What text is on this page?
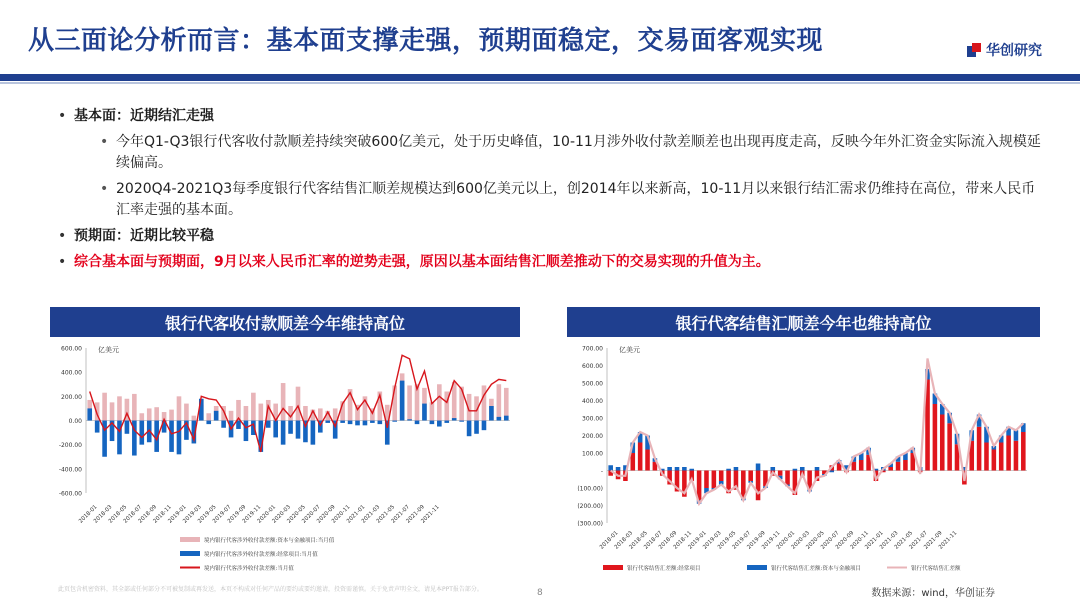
从三面论分析而言：基本面支撑走强，预期面稳定，交易面客观实现	华创研究
• 基本面：近期结汇走强
• 今年Q1-Q3银行代客收付款顺差持续突破600亿美元，处于历史峰值，10-11月涉外收付款差顺差也出现再度走高，反映今年外汇资金实际流入规模延续偏高。
• 2020Q4-2021Q3每季度银行代客结售汇顺差规模达到600亿美元以上，创2014年以来新高，10-11月以来银行结汇需求仍维持在高位，带来人民币汇率走强的基本面。
• 预期面：近期比较平稳
• 综合基本面与预期面，9月以来人民币汇率的逆势走强，原因以基本面结售汇顺差推动下的交易实现的升值为主。
银行代客收付款顺差今年维持高位	银行代客结售汇顺差今年也维持高位
600.00
400.00
200.00
0.00
-200.00
-400.00
-600.00
亿美元
2018-01
2018-03
2018-05
2018-07
2018-09
2018-11
2019-01
2019-03
2019-05
2019-07
2019-09
2019-11
2020-01
2020-03
2020-05
2020-07
2020-09
2020-11
2021-01
2021-03
2021-05
2021-07
2021-09
2021-11
境内银行代客涉外收付款差额:资本与金融项目:当月值
境内银行代客涉外收付款差额:经常项目:当月值
境内银行代客涉外收付款差额:当月值
700.00
600.00
500.00
400.00
300.00
200.00
100.00
-
(100.00)
(200.00)
(300.00)
亿美元
2018-01
2018-03
2018-05
2018-07
2018-09
2018-11
2019-01
2019-03
2019-05
2019-07
2019-09
2019-11
2020-01
2020-03
2020-05
2020-07
2020-09
2020-11
2021-01
2021-03
2021-05
2021-07
2021-09
2021-11
银行代客结售汇差额:经常项目	银行代客结售汇差额:资本与金融项目	银行代客结售汇差额
此页包含机密资料，其全部或任何部分不可被复制或再发送，本页不构成对任何产品的要约或要约邀请，投资需谨慎。关于免责声明全文，请见本PPT报告部分。	8	数据来源：wind，华创证券
